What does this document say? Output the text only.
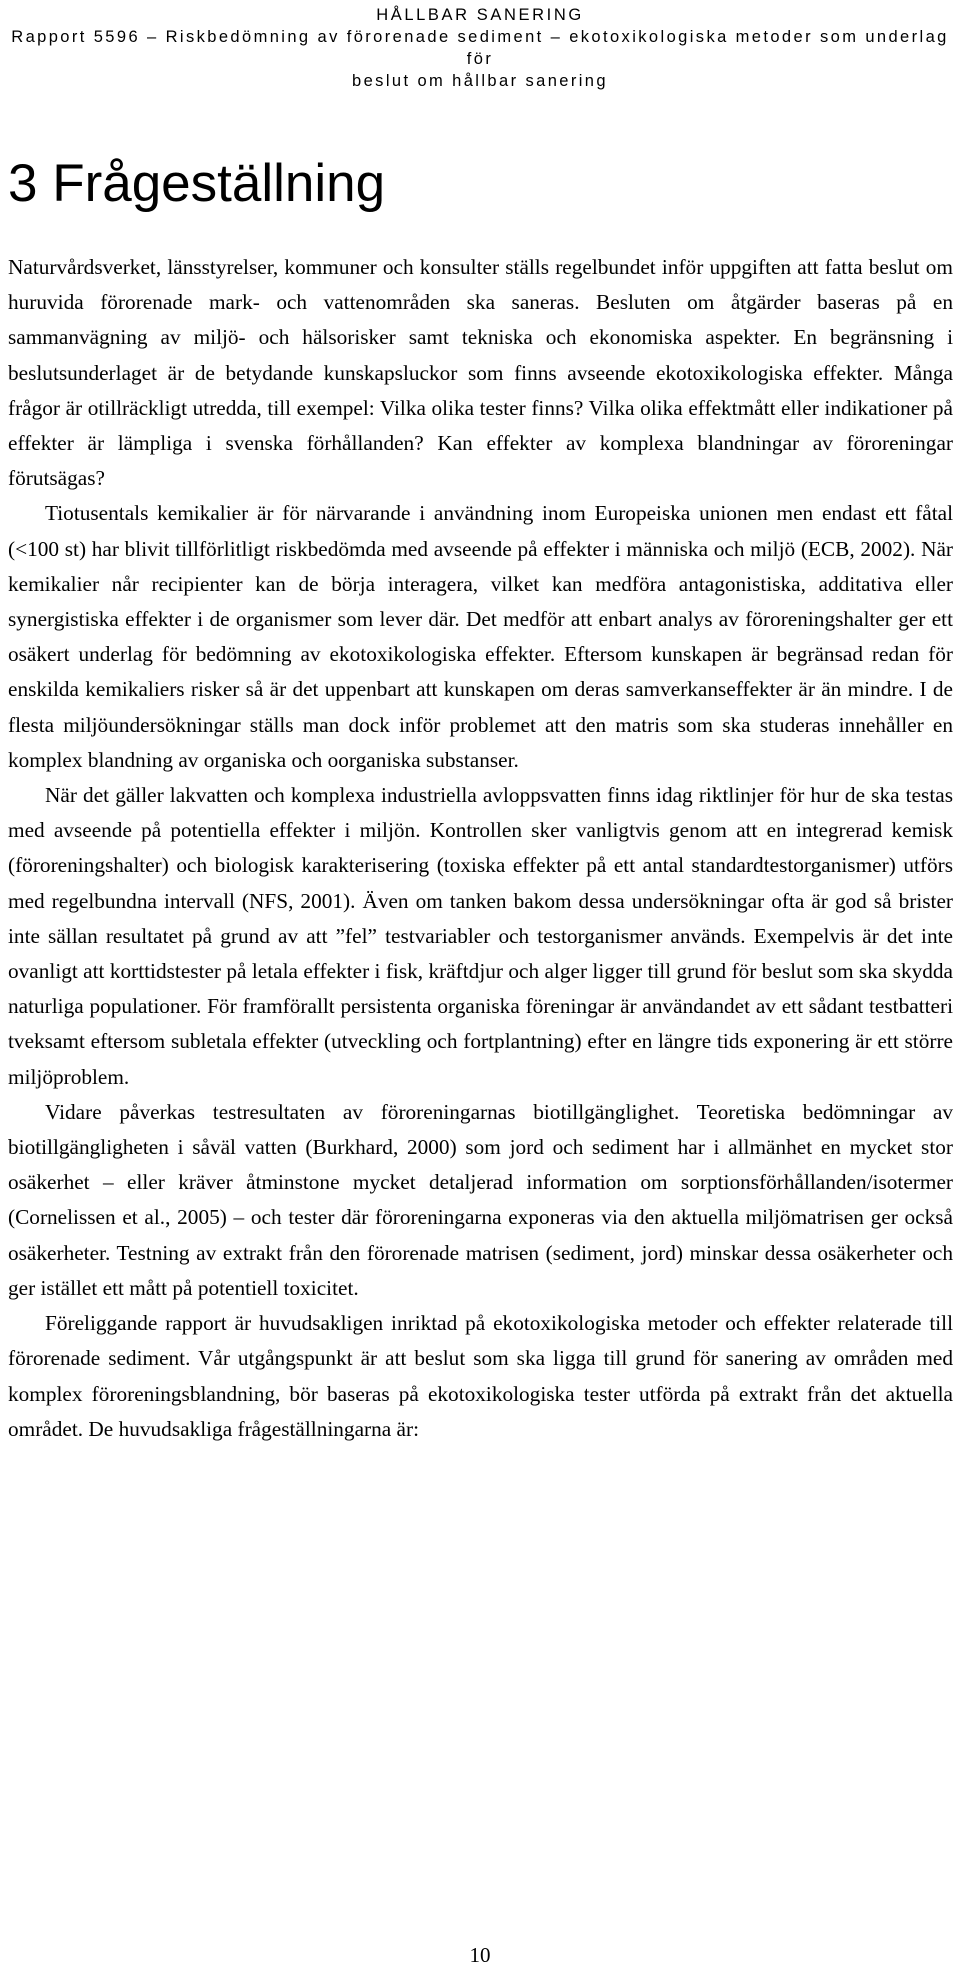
HÅLLBAR SANERING
Rapport 5596 – Riskbedömning av förorenade sediment – ekotoxikologiska metoder som underlag för
beslut om hållbar sanering
3 Frågeställning

Naturvårdsverket, länsstyrelser, kommuner och konsulter ställs regelbundet inför uppgiften att fatta beslut om huruvida förorenade mark- och vattenområden ska saneras. Besluten om åtgärder baseras på en sammanvägning av miljö- och hälsorisker samt tekniska och ekonomiska aspekter. En begränsning i beslutsunderlaget är de betydande kunskapsluckor som finns avseende ekotoxikologiska effekter. Många frågor är otillräckligt utredda, till exempel: Vilka olika tester finns? Vilka olika effektmått eller indikationer på effekter är lämpliga i svenska förhållanden? Kan effekter av komplexa blandningar av föroreningar förutsägas?

Tiotusentals kemikalier är för närvarande i användning inom Europeiska unionen men endast ett fåtal (<100 st) har blivit tillförlitligt riskbedömda med avseende på effekter i människa och miljö (ECB, 2002). När kemikalier når recipienter kan de börja interagera, vilket kan medföra antagonistiska, additativa eller synergistiska effekter i de organismer som lever där. Det medför att enbart analys av föroreningshalter ger ett osäkert underlag för bedömning av ekotoxikologiska effekter. Eftersom kunskapen är begränsad redan för enskilda kemikaliers risker så är det uppenbart att kunskapen om deras samverkanseffekter är än mindre. I de flesta miljöundersökningar ställs man dock inför problemet att den matris som ska studeras innehåller en komplex blandning av organiska och oorganiska substanser.

När det gäller lakvatten och komplexa industriella avloppsvatten finns idag riktlinjer för hur de ska testas med avseende på potentiella effekter i miljön. Kontrollen sker vanligtvis genom att en integrerad kemisk (föroreningshalter) och biologisk karakterisering (toxiska effekter på ett antal standardtestorganismer) utförs med regelbundna intervall (NFS, 2001). Även om tanken bakom dessa undersökningar ofta är god så brister inte sällan resultatet på grund av att ”fel” testvariabler och testorganismer används. Exempelvis är det inte ovanligt att korttidstester på letala effekter i fisk, kräftdjur och alger ligger till grund för beslut som ska skydda naturliga populationer. För framförallt persistenta organiska föreningar är användandet av ett sådant testbatteri tveksamt eftersom subletala effekter (utveckling och fortplantning) efter en längre tids exponering är ett större miljöproblem.

Vidare påverkas testresultaten av föroreningarnas biotillgänglighet. Teoretiska bedömningar av biotillgängligheten i såväl vatten (Burkhard, 2000) som jord och sediment har i allmänhet en mycket stor osäkerhet – eller kräver åtminstone mycket detaljerad information om sorptionsförhållanden/isotermer (Cornelissen et al., 2005) – och tester där föroreningarna exponeras via den aktuella miljömatrisen ger också osäkerheter. Testning av extrakt från den förorenade matrisen (sediment, jord) minskar dessa osäkerheter och ger istället ett mått på potentiell toxicitet.

Föreliggande rapport är huvudsakligen inriktad på ekotoxikologiska metoder och effekter relaterade till förorenade sediment. Vår utgångspunkt är att beslut som ska ligga till grund för sanering av områden med komplex föroreningsblandning, bör baseras på ekotoxikologiska tester utförda på extrakt från det aktuella området. De huvudsakliga frågeställningarna är:

10
